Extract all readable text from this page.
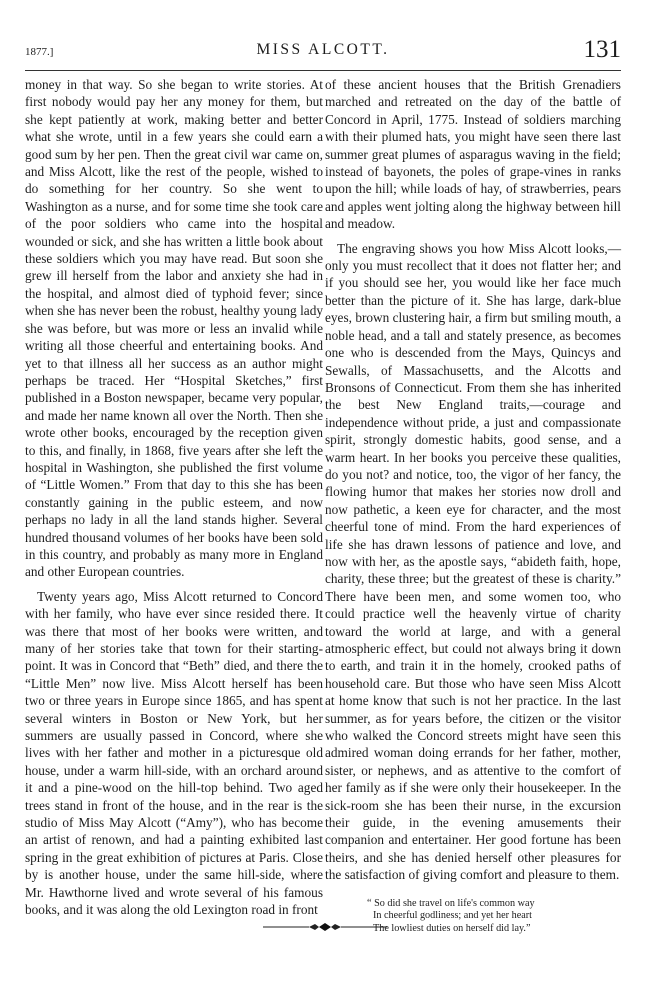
1877.]	MISS ALCOTT.	131

money in that way. So she began to write stories. At first nobody would pay her any money for them, but she kept patiently at work, making better and better what she wrote, until in a few years she could earn a good sum by her pen. Then the great civil war came on, and Miss Alcott, like the rest of the people, wished to do something for her country. So she went to Washington as a nurse, and for some time she took care of the poor soldiers who came into the hospital wounded or sick, and she has written a little book about these soldiers which you may have read. But soon she grew ill herself from the labor and anxiety she had in the hospital, and almost died of typhoid fever; since when she has never been the robust, healthy young lady she was before, but was more or less an invalid while writing all those cheerful and entertaining books. And yet to that illness all her success as an author might perhaps be traced. Her “Hospital Sketches,” first published in a Boston newspaper, became very popular, and made her name known all over the North. Then she wrote other books, encouraged by the reception given to this, and finally, in 1868, five years after she left the hospital in Washington, she published the first volume of “Little Women.” From that day to this she has been constantly gaining in the public esteem, and now perhaps no lady in all the land stands higher. Several hundred thousand volumes of her books have been sold in this country, and probably as many more in England and other European countries.

Twenty years ago, Miss Alcott returned to Concord with her family, who have ever since resided there. It was there that most of her books were written, and many of her stories take that town for their starting-point. It was in Concord that “Beth” died, and there the “Little Men” now live. Miss Alcott herself has been two or three years in Europe since 1865, and has spent several winters in Boston or New York, but her summers are usually passed in Concord, where she lives with her father and mother in a picturesque old house, under a warm hill-side, with an orchard around it and a pine-wood on the hill-top behind. Two aged trees stand in front of the house, and in the rear is the studio of Miss May Alcott (“Amy”), who has become an artist of renown, and had a painting exhibited last spring in the great exhibition of pictures at Paris. Close by is another house, under the same hill-side, where Mr. Hawthorne lived and wrote several of his famous books, and it was along the old Lexington road in front

of these ancient houses that the British Grenadiers marched and retreated on the day of the battle of Concord in April, 1775. Instead of soldiers marching with their plumed hats, you might have seen there last summer great plumes of asparagus waving in the field; instead of bayonets, the poles of grape-vines in ranks upon the hill; while loads of hay, of strawberries, pears and apples went jolting along the highway between hill and meadow.

The engraving shows you how Miss Alcott looks,—only you must recollect that it does not flatter her; and if you should see her, you would like her face much better than the picture of it. She has large, dark-blue eyes, brown clustering hair, a firm but smiling mouth, a noble head, and a tall and stately presence, as becomes one who is descended from the Mays, Quincys and Sewalls, of Massachusetts, and the Alcotts and Bronsons of Connecticut. From them she has inherited the best New England traits,—courage and independence without pride, a just and compassionate spirit, strongly domestic habits, good sense, and a warm heart. In her books you perceive these qualities, do you not? and notice, too, the vigor of her fancy, the flowing humor that makes her stories now droll and now pathetic, a keen eye for character, and the most cheerful tone of mind. From the hard experiences of life she has drawn lessons of patience and love, and now with her, as the apostle says, “abideth faith, hope, charity, these three; but the greatest of these is charity.” There have been men, and some women too, who could practice well the heavenly virtue of charity toward the world at large, and with a general atmospheric effect, but could not always bring it down to earth, and train it in the homely, crooked paths of household care. But those who have seen Miss Alcott at home know that such is not her practice. In the last summer, as for years before, the citizen or the visitor who walked the Concord streets might have seen this admired woman doing errands for her father, mother, sister, or nephews, and as attentive to the comfort of her family as if she were only their housekeeper. In the sick-room she has been their nurse, in the excursion their guide, in the evening amusements their companion and entertainer. Her good fortune has been theirs, and she has denied herself other pleasures for the satisfaction of giving comfort and pleasure to them.

“ So did she travel on life's common way
In cheerful godliness; and yet her heart
The lowliest duties on herself did lay.”
